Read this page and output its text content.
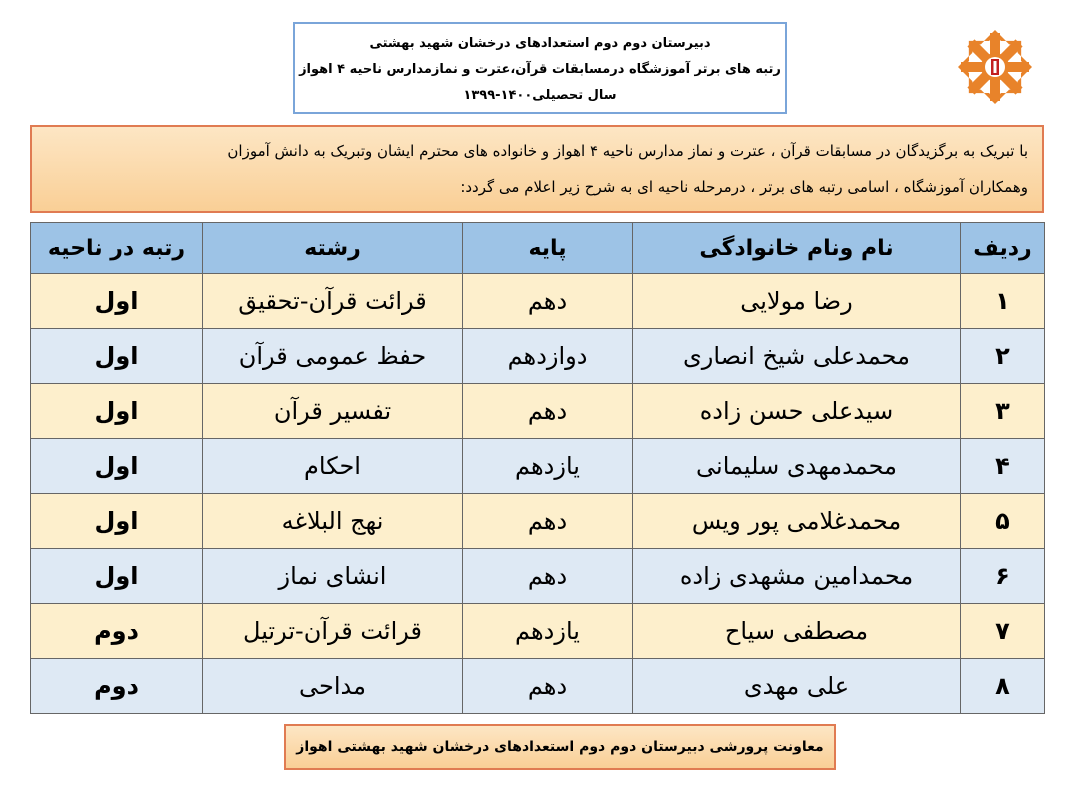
دبیرستان دوم دوم استعدادهای درخشان شهید بهشتی
رتبه های برتر آموزشگاه درمسابقات قرآن،عترت و نمازمدارس ناحیه ۴ اهواز
سال تحصیلی۱۴۰۰-۱۳۹۹
با تبریک به برگزیدگان در مسابقات قرآن ، عترت و نماز مدارس ناحیه ۴ اهواز و خانواده های محترم ایشان وتبریک به دانش آموزان
وهمکاران آموزشگاه ، اسامی رتبه های برتر ، درمرحله ناحیه ای به شرح زیر اعلام می گردد:
ردیف	نام ونام خانوادگی	پایه	رشته	رتبه در ناحیه
۱	رضا مولایی	دهم	قرائت قرآن-تحقیق	اول
۲	محمدعلی شیخ انصاری	دوازدهم	حفظ عمومی قرآن	اول
۳	سیدعلی حسن زاده	دهم	تفسیر قرآن	اول
۴	محمدمهدی سلیمانی	یازدهم	احکام	اول
۵	محمدغلامی پور ویس	دهم	نهج البلاغه	اول
۶	محمدامین مشهدی زاده	دهم	انشای نماز	اول
۷	مصطفی سیاح	یازدهم	قرائت قرآن-ترتیل	دوم
۸	علی مهدی	دهم	مداحی	دوم
معاونت پرورشی دبیرستان دوم دوم استعدادهای درخشان شهید بهشتی اهواز
